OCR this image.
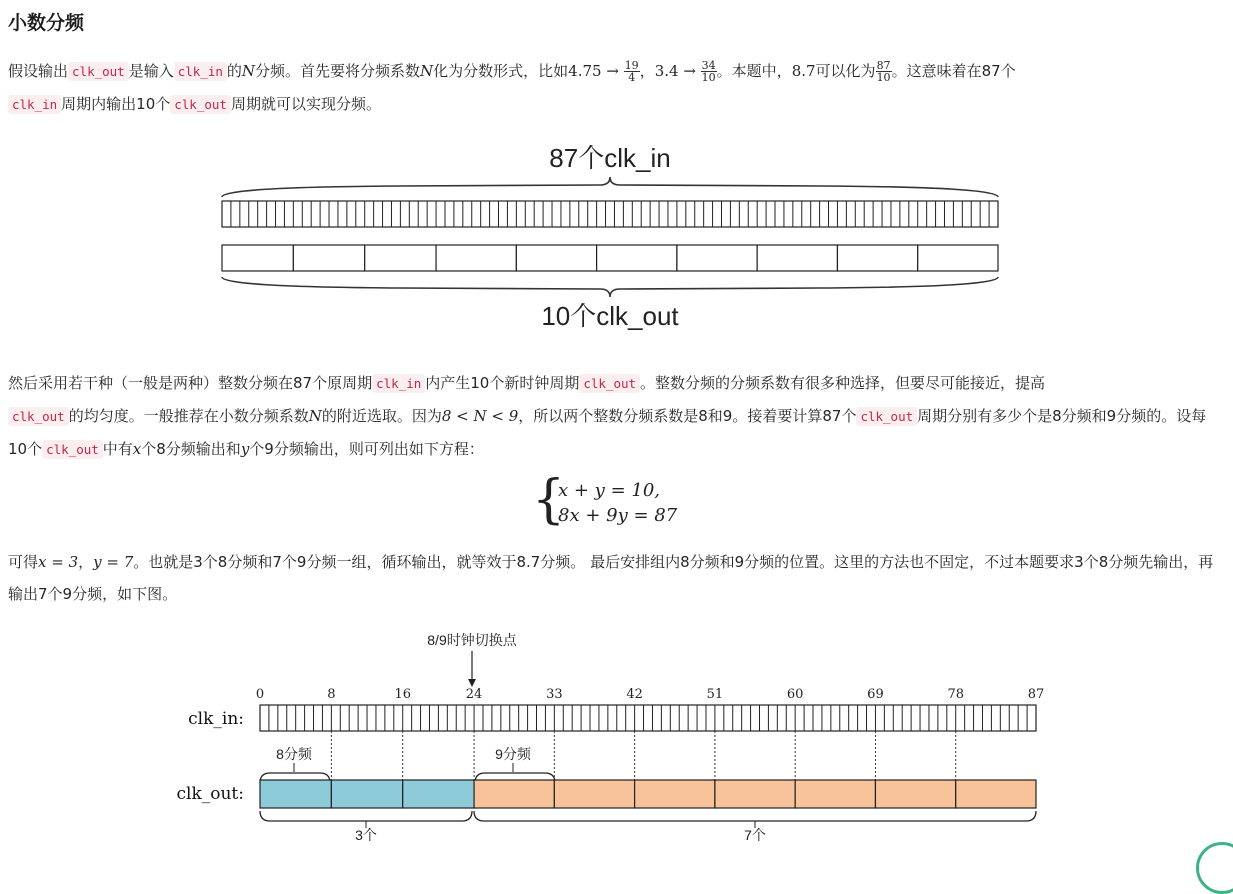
小数分频
假设输出 clk_out 是输入 clk_in 的N分频。首先要将分频系数N化为分数形式，比如$4.75 \to \frac{19}{4}$ ，$3.4 \to \frac{34}{10}$ 。本题中，8.7可以化为 $\frac{87}{10}$ 。这意味着在87个
clk_in 周期内输出10个 clk_out 周期就可以实现分频。
87个clk_in
10个clk_out
然后采用若干种（一般是两种）整数分频在87个原周期 clk_in 内产生10个新时钟周期 clk_out 。整数分频的分频系数有很多种选择，但要尽可能接近，提高
clk_out 的均匀度。一般推荐在小数分频系数N的附近选取。因为8 < N < 9，所以两个整数分频系数是8和9。接着要计算87个 clk_out 周期分别有多少个是8分频和9分频的。设每10个 clk_out 中有x个8分频输出和y个9分频输出，则可列出如下方程：
{
x + y = 10,
8x + 9y = 87
可得x = 3，y = 7。也就是3个8分频和7个9分频一组，循环输出，就等效于8.7分频。 最后安排组内8分频和9分频的位置。这里的方法也不固定，不过本题要求3个8分频先输出，再输出7个9分频，如下图。
8/9时钟切换点
0	8	16	24	33	42	51	60	69	78	87
clk_in:
8分频	9分频
clk_out:
3个	7个
